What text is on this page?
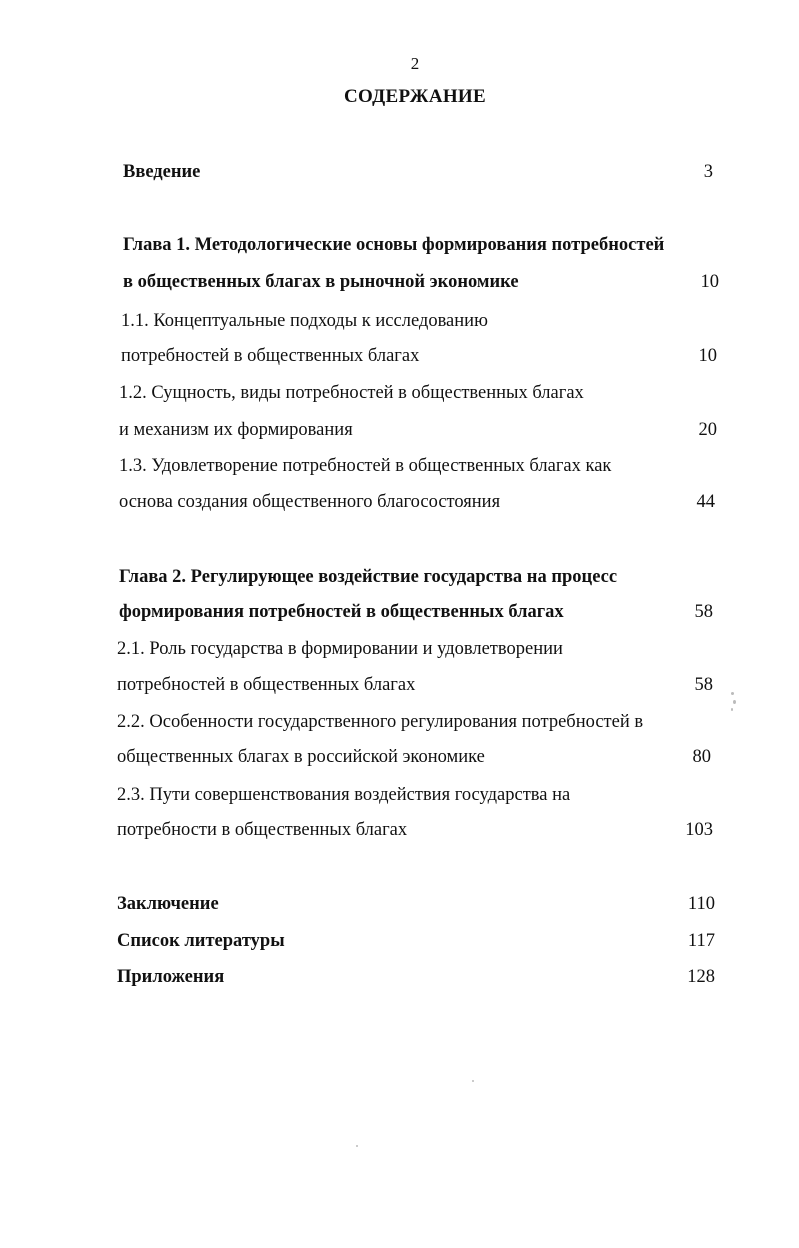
2
СОДЕРЖАНИЕ
Введение	3
Глава 1. Методологические основы формирования потребностей
в общественных благах в рыночной экономике	10
1.1. Концептуальные подходы к исследованию
потребностей в общественных благах	10
1.2. Сущность, виды потребностей в общественных благах
и механизм их формирования	20
1.3. Удовлетворение потребностей в общественных благах как
основа создания общественного благосостояния	44
Глава 2. Регулирующее воздействие государства на процесс
формирования потребностей в общественных благах	58
2.1. Роль государства в формировании и удовлетворении
потребностей в общественных благах	58
2.2. Особенности государственного регулирования потребностей в
общественных благах в российской экономике	80
2.3. Пути совершенствования воздействия государства на
потребности в общественных благах	103
Заключение	110
Список литературы	117
Приложения	128
